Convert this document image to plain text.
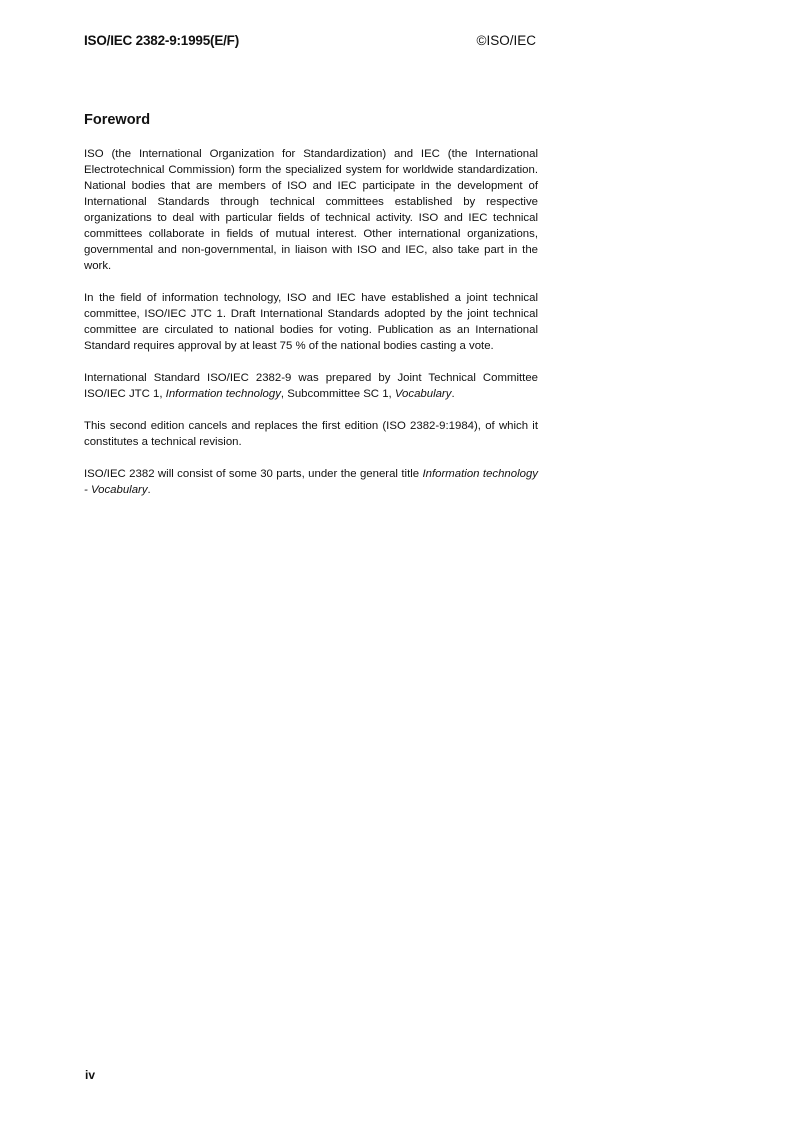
ISO/IEC 2382-9:1995(E/F)	©ISO/IEC
Foreword

ISO (the International Organization for Standardization) and IEC (the International Electrotechnical Commission) form the specialized system for worldwide standardization. National bodies that are members of ISO and IEC participate in the development of International Standards through technical committees established by respective organizations to deal with particular fields of technical activity. ISO and IEC technical committees collaborate in fields of mutual interest. Other international organizations, governmental and non-governmental, in liaison with ISO and IEC, also take part in the work.

In the field of information technology, ISO and IEC have established a joint technical committee, ISO/IEC JTC 1. Draft International Standards adopted by the joint technical committee are circulated to national bodies for voting. Publication as an International Standard requires approval by at least 75 % of the national bodies casting a vote.

International Standard ISO/IEC 2382-9 was prepared by Joint Technical Committee ISO/IEC JTC 1, Information technology, Subcommittee SC 1, Vocabulary.

This second edition cancels and replaces the first edition (ISO 2382-9:1984), of which it constitutes a technical revision.

ISO/IEC 2382 will consist of some 30 parts, under the general title Information technology - Vocabulary.

iv
